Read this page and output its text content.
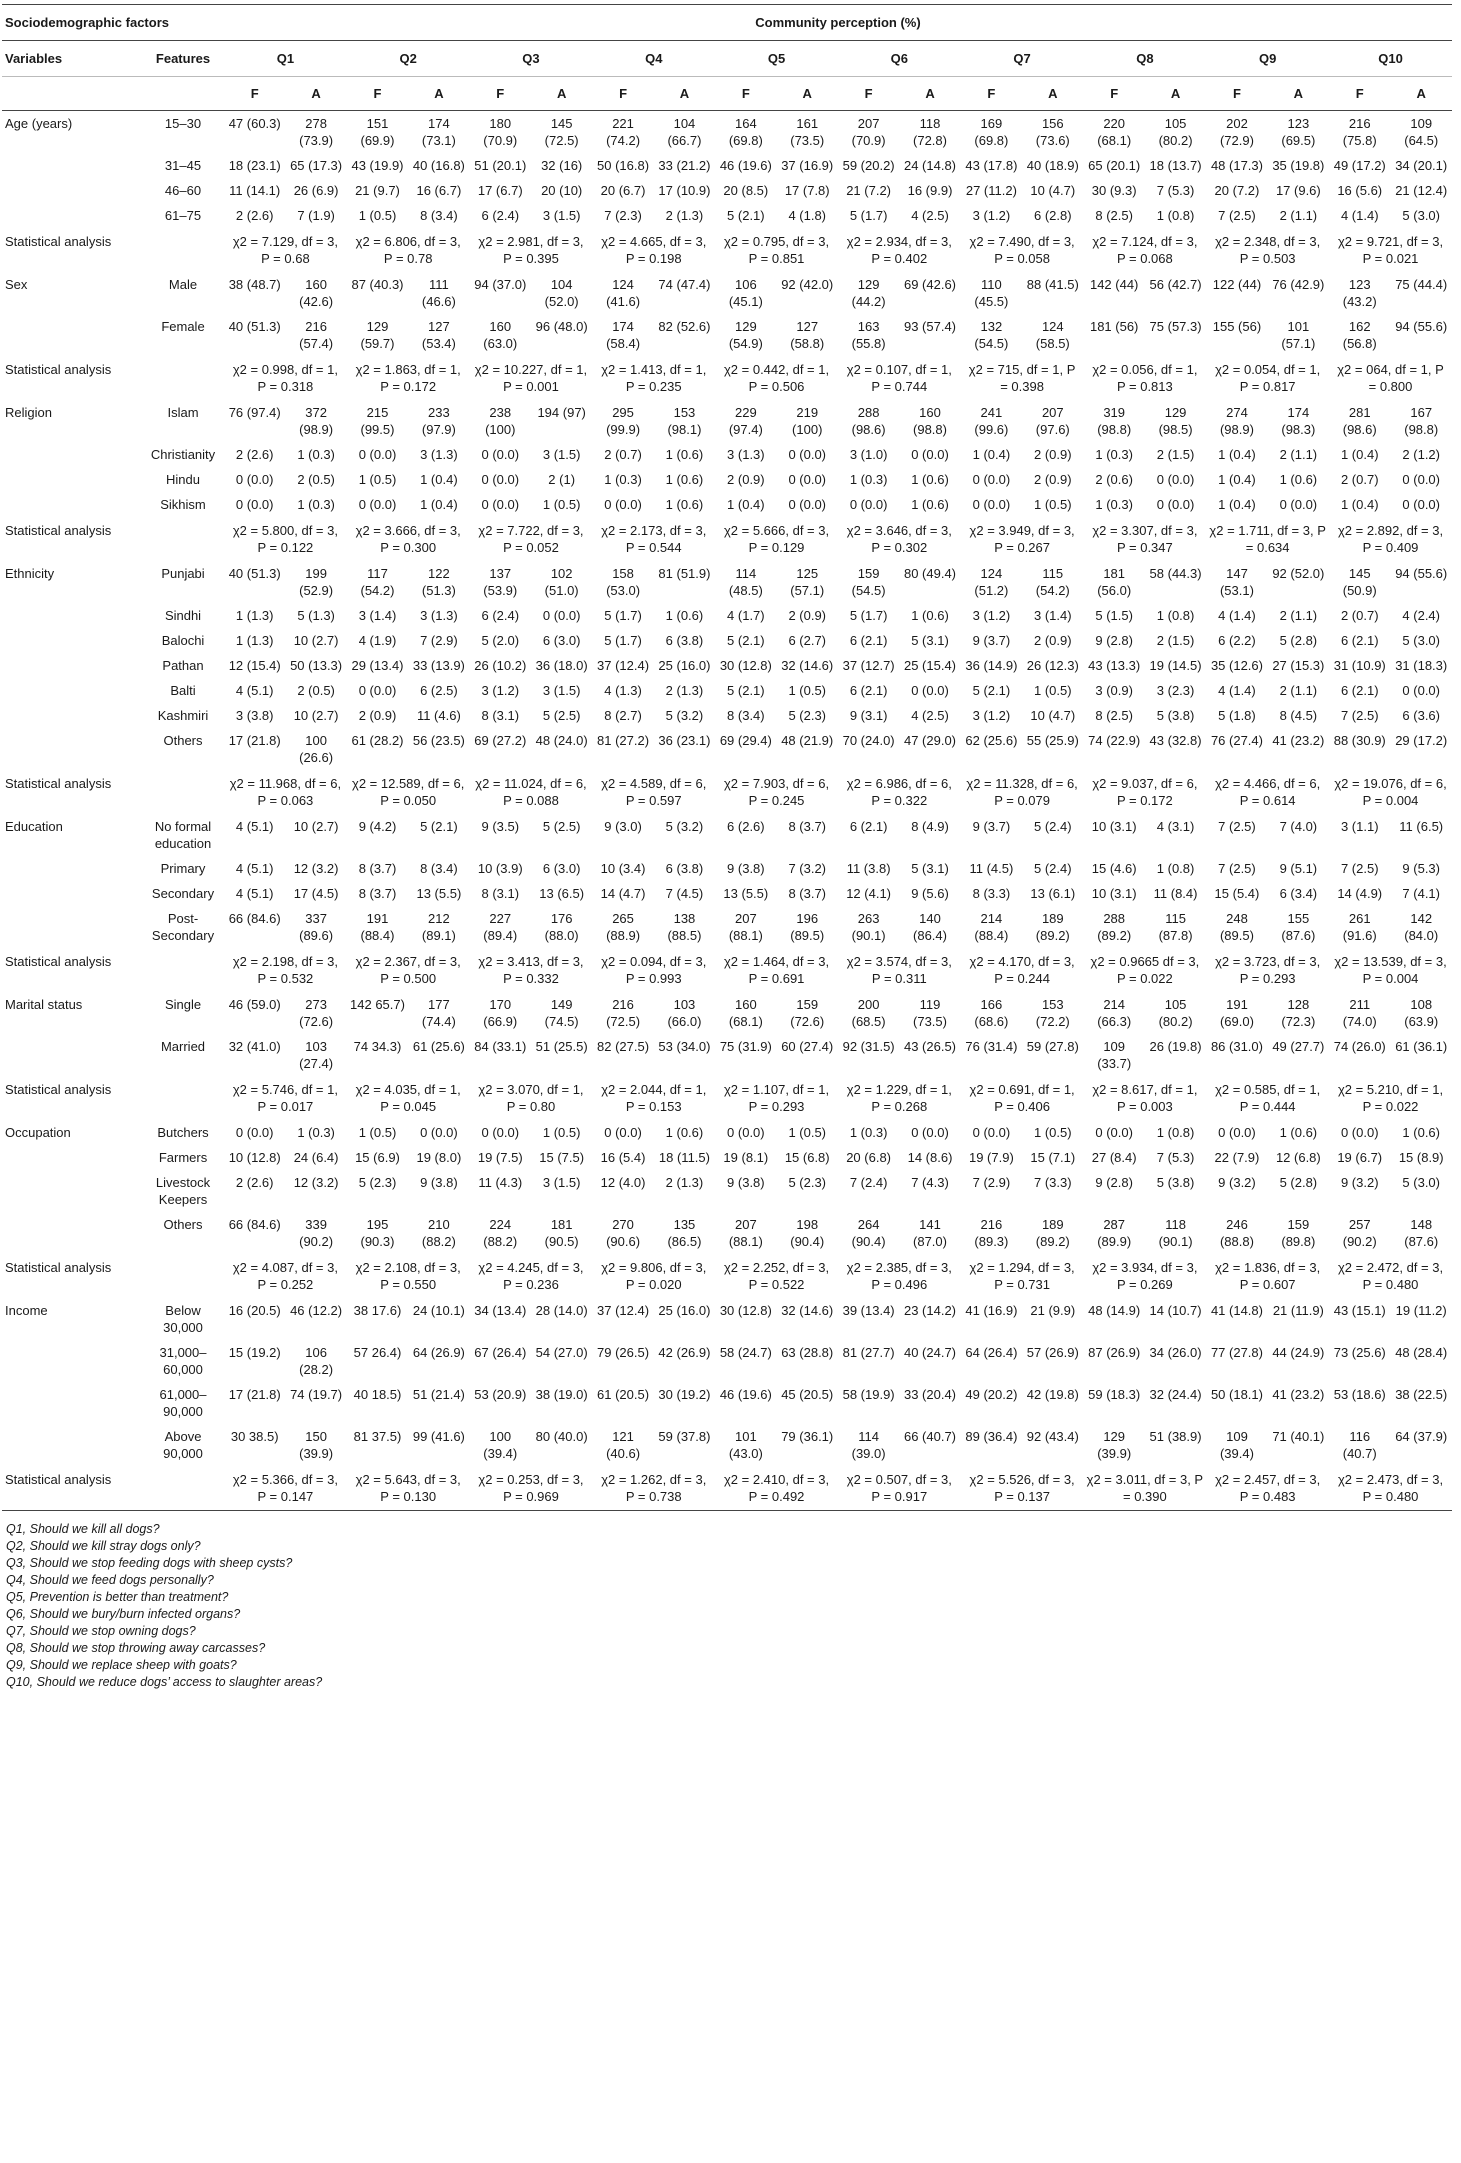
Sociodemographic factors		Community perception (%)																			
Variables	Features	Q1		Q2		Q3		Q4		Q5		Q6		Q7		Q8		Q9		Q10	
		F	A	F	A	F	A	F	A	F	A	F	A	F	A	F	A	F	A	F	A
Age (years)	15–30	47 (60.3)	278 (73.9)	151 (69.9)	174 (73.1)	180 (70.9)	145 (72.5)	221 (74.2)	104 (66.7)	164 (69.8)	161 (73.5)	207 (70.9)	118 (72.8)	169 (69.8)	156 (73.6)	220 (68.1)	105 (80.2)	202 (72.9)	123 (69.5)	216 (75.8)	109 (64.5)
	31–45	18 (23.1)	65 (17.3)	43 (19.9)	40 (16.8)	51 (20.1)	32 (16)	50 (16.8)	33 (21.2)	46 (19.6)	37 (16.9)	59 (20.2)	24 (14.8)	43 (17.8)	40 (18.9)	65 (20.1)	18 (13.7)	48 (17.3)	35 (19.8)	49 (17.2)	34 (20.1)
	46–60	11 (14.1)	26 (6.9)	21 (9.7)	16 (6.7)	17 (6.7)	20 (10)	20 (6.7)	17 (10.9)	20 (8.5)	17 (7.8)	21 (7.2)	16 (9.9)	27 (11.2)	10 (4.7)	30 (9.3)	7 (5.3)	20 (7.2)	17 (9.6)	16 (5.6)	21 (12.4)
	61–75	2 (2.6)	7 (1.9)	1 (0.5)	8 (3.4)	6 (2.4)	3 (1.5)	7 (2.3)	2 (1.3)	5 (2.1)	4 (1.8)	5 (1.7)	4 (2.5)	3 (1.2)	6 (2.8)	8 (2.5)	1 (0.8)	7 (2.5)	2 (1.1)	4 (1.4)	5 (3.0)
Statistical analysis		χ2 = 7.129, df = 3, P = 0.68		χ2 = 6.806, df = 3, P = 0.78		χ2 = 2.981, df = 3, P = 0.395		χ2 = 4.665, df = 3, P = 0.198		χ2 = 0.795, df = 3, P = 0.851		χ2 = 2.934, df = 3, P = 0.402		χ2 = 7.490, df = 3, P = 0.058		χ2 = 7.124, df = 3, P = 0.068		χ2 = 2.348, df = 3, P = 0.503		χ2 = 9.721, df = 3, P = 0.021	
Sex	Male	38 (48.7)	160 (42.6)	87 (40.3)	111 (46.6)	94 (37.0)	104 (52.0)	124 (41.6)	74 (47.4)	106 (45.1)	92 (42.0)	129 (44.2)	69 (42.6)	110 (45.5)	88 (41.5)	142 (44)	56 (42.7)	122 (44)	76 (42.9)	123 (43.2)	75 (44.4)
	Female	40 (51.3)	216 (57.4)	129 (59.7)	127 (53.4)	160 (63.0)	96 (48.0)	174 (58.4)	82 (52.6)	129 (54.9)	127 (58.8)	163 (55.8)	93 (57.4)	132 (54.5)	124 (58.5)	181 (56)	75 (57.3)	155 (56)	101 (57.1)	162 (56.8)	94 (55.6)
Statistical analysis		χ2 = 0.998, df = 1, P = 0.318		χ2 = 1.863, df = 1, P = 0.172		χ2 = 10.227, df = 1, P = 0.001		χ2 = 1.413, df = 1, P = 0.235		χ2 = 0.442, df = 1, P = 0.506		χ2 = 0.107, df = 1, P = 0.744		χ2 = 715, df = 1, P = 0.398		χ2 = 0.056, df = 1, P = 0.813		χ2 = 0.054, df = 1, P = 0.817		χ2 = 064, df = 1, P = 0.800	
Religion	Islam	76 (97.4)	372 (98.9)	215 (99.5)	233 (97.9)	238 (100)	194 (97)	295 (99.9)	153 (98.1)	229 (97.4)	219 (100)	288 (98.6)	160 (98.8)	241 (99.6)	207 (97.6)	319 (98.8)	129 (98.5)	274 (98.9)	174 (98.3)	281 (98.6)	167 (98.8)
	Christianity	2 (2.6)	1 (0.3)	0 (0.0)	3 (1.3)	0 (0.0)	3 (1.5)	2 (0.7)	1 (0.6)	3 (1.3)	0 (0.0)	3 (1.0)	0 (0.0)	1 (0.4)	2 (0.9)	1 (0.3)	2 (1.5)	1 (0.4)	2 (1.1)	1 (0.4)	2 (1.2)
	Hindu	0 (0.0)	2 (0.5)	1 (0.5)	1 (0.4)	0 (0.0)	2 (1)	1 (0.3)	1 (0.6)	2 (0.9)	0 (0.0)	1 (0.3)	1 (0.6)	0 (0.0)	2 (0.9)	2 (0.6)	0 (0.0)	1 (0.4)	1 (0.6)	2 (0.7)	0 (0.0)
	Sikhism	0 (0.0)	1 (0.3)	0 (0.0)	1 (0.4)	0 (0.0)	1 (0.5)	0 (0.0)	1 (0.6)	1 (0.4)	0 (0.0)	0 (0.0)	1 (0.6)	0 (0.0)	1 (0.5)	1 (0.3)	0 (0.0)	1 (0.4)	0 (0.0)	1 (0.4)	0 (0.0)
Statistical analysis		χ2 = 5.800, df = 3, P = 0.122		χ2 = 3.666, df = 3, P = 0.300		χ2 = 7.722, df = 3, P = 0.052		χ2 = 2.173, df = 3, P = 0.544		χ2 = 5.666, df = 3, P = 0.129		χ2 = 3.646, df = 3, P = 0.302		χ2 = 3.949, df = 3, P = 0.267		χ2 = 3.307, df = 3, P = 0.347		χ2 = 1.711, df = 3, P = 0.634		χ2 = 2.892, df = 3, P = 0.409	
Ethnicity	Punjabi	40 (51.3)	199 (52.9)	117 (54.2)	122 (51.3)	137 (53.9)	102 (51.0)	158 (53.0)	81 (51.9)	114 (48.5)	125 (57.1)	159 (54.5)	80 (49.4)	124 (51.2)	115 (54.2)	181 (56.0)	58 (44.3)	147 (53.1)	92 (52.0)	145 (50.9)	94 (55.6)
	Sindhi	1 (1.3)	5 (1.3)	3 (1.4)	3 (1.3)	6 (2.4)	0 (0.0)	5 (1.7)	1 (0.6)	4 (1.7)	2 (0.9)	5 (1.7)	1 (0.6)	3 (1.2)	3 (1.4)	5 (1.5)	1 (0.8)	4 (1.4)	2 (1.1)	2 (0.7)	4 (2.4)
	Balochi	1 (1.3)	10 (2.7)	4 (1.9)	7 (2.9)	5 (2.0)	6 (3.0)	5 (1.7)	6 (3.8)	5 (2.1)	6 (2.7)	6 (2.1)	5 (3.1)	9 (3.7)	2 (0.9)	9 (2.8)	2 (1.5)	6 (2.2)	5 (2.8)	6 (2.1)	5 (3.0)
	Pathan	12 (15.4)	50 (13.3)	29 (13.4)	33 (13.9)	26 (10.2)	36 (18.0)	37 (12.4)	25 (16.0)	30 (12.8)	32 (14.6)	37 (12.7)	25 (15.4)	36 (14.9)	26 (12.3)	43 (13.3)	19 (14.5)	35 (12.6)	27 (15.3)	31 (10.9)	31 (18.3)
	Balti	4 (5.1)	2 (0.5)	0 (0.0)	6 (2.5)	3 (1.2)	3 (1.5)	4 (1.3)	2 (1.3)	5 (2.1)	1 (0.5)	6 (2.1)	0 (0.0)	5 (2.1)	1 (0.5)	3 (0.9)	3 (2.3)	4 (1.4)	2 (1.1)	6 (2.1)	0 (0.0)
	Kashmiri	3 (3.8)	10 (2.7)	2 (0.9)	11 (4.6)	8 (3.1)	5 (2.5)	8 (2.7)	5 (3.2)	8 (3.4)	5 (2.3)	9 (3.1)	4 (2.5)	3 (1.2)	10 (4.7)	8 (2.5)	5 (3.8)	5 (1.8)	8 (4.5)	7 (2.5)	6 (3.6)
	Others	17 (21.8)	100 (26.6)	61 (28.2)	56 (23.5)	69 (27.2)	48 (24.0)	81 (27.2)	36 (23.1)	69 (29.4)	48 (21.9)	70 (24.0)	47 (29.0)	62 (25.6)	55 (25.9)	74 (22.9)	43 (32.8)	76 (27.4)	41 (23.2)	88 (30.9)	29 (17.2)
Statistical analysis		χ2 = 11.968, df = 6, P = 0.063		χ2 = 12.589, df = 6, P = 0.050		χ2 = 11.024, df = 6, P = 0.088		χ2 = 4.589, df = 6, P = 0.597		χ2 = 7.903, df = 6, P = 0.245		χ2 = 6.986, df = 6, P = 0.322		χ2 = 11.328, df = 6, P = 0.079		χ2 = 9.037, df = 6, P = 0.172		χ2 = 4.466, df = 6, P = 0.614		χ2 = 19.076, df = 6, P = 0.004	
Education	No formal education	4 (5.1)	10 (2.7)	9 (4.2)	5 (2.1)	9 (3.5)	5 (2.5)	9 (3.0)	5 (3.2)	6 (2.6)	8 (3.7)	6 (2.1)	8 (4.9)	9 (3.7)	5 (2.4)	10 (3.1)	4 (3.1)	7 (2.5)	7 (4.0)	3 (1.1)	11 (6.5)
	Primary	4 (5.1)	12 (3.2)	8 (3.7)	8 (3.4)	10 (3.9)	6 (3.0)	10 (3.4)	6 (3.8)	9 (3.8)	7 (3.2)	11 (3.8)	5 (3.1)	11 (4.5)	5 (2.4)	15 (4.6)	1 (0.8)	7 (2.5)	9 (5.1)	7 (2.5)	9 (5.3)
	Secondary	4 (5.1)	17 (4.5)	8 (3.7)	13 (5.5)	8 (3.1)	13 (6.5)	14 (4.7)	7 (4.5)	13 (5.5)	8 (3.7)	12 (4.1)	9 (5.6)	8 (3.3)	13 (6.1)	10 (3.1)	11 (8.4)	15 (5.4)	6 (3.4)	14 (4.9)	7 (4.1)
	Post-Secondary	66 (84.6)	337 (89.6)	191 (88.4)	212 (89.1)	227 (89.4)	176 (88.0)	265 (88.9)	138 (88.5)	207 (88.1)	196 (89.5)	263 (90.1)	140 (86.4)	214 (88.4)	189 (89.2)	288 (89.2)	115 (87.8)	248 (89.5)	155 (87.6)	261 (91.6)	142 (84.0)
Statistical analysis		χ2 = 2.198, df = 3, P = 0.532		χ2 = 2.367, df = 3, P = 0.500		χ2 = 3.413, df = 3, P = 0.332		χ2 = 0.094, df = 3, P = 0.993		χ2 = 1.464, df = 3, P = 0.691		χ2 = 3.574, df = 3, P = 0.311		χ2 = 4.170, df = 3, P = 0.244		χ2 = 0.9665 df = 3, P = 0.022		χ2 = 3.723, df = 3, P = 0.293		χ2 = 13.539, df = 3, P = 0.004	
Marital status	Single	46 (59.0)	273 (72.6)	142 65.7)	177 (74.4)	170 (66.9)	149 (74.5)	216 (72.5)	103 (66.0)	160 (68.1)	159 (72.6)	200 (68.5)	119 (73.5)	166 (68.6)	153 (72.2)	214 (66.3)	105 (80.2)	191 (69.0)	128 (72.3)	211 (74.0)	108 (63.9)
	Married	32 (41.0)	103 (27.4)	74 34.3)	61 (25.6)	84 (33.1)	51 (25.5)	82 (27.5)	53 (34.0)	75 (31.9)	60 (27.4)	92 (31.5)	43 (26.5)	76 (31.4)	59 (27.8)	109 (33.7)	26 (19.8)	86 (31.0)	49 (27.7)	74 (26.0)	61 (36.1)
Statistical analysis		χ2 = 5.746, df = 1, P = 0.017		χ2 = 4.035, df = 1, P = 0.045		χ2 = 3.070, df = 1, P = 0.80		χ2 = 2.044, df = 1, P = 0.153		χ2 = 1.107, df = 1, P = 0.293		χ2 = 1.229, df = 1, P = 0.268		χ2 = 0.691, df = 1, P = 0.406		χ2 = 8.617, df = 1, P = 0.003		χ2 = 0.585, df = 1, P = 0.444		χ2 = 5.210, df = 1, P = 0.022	
Occupation	Butchers	0 (0.0)	1 (0.3)	1 (0.5)	0 (0.0)	0 (0.0)	1 (0.5)	0 (0.0)	1 (0.6)	0 (0.0)	1 (0.5)	1 (0.3)	0 (0.0)	0 (0.0)	1 (0.5)	0 (0.0)	1 (0.8)	0 (0.0)	1 (0.6)	0 (0.0)	1 (0.6)
	Farmers	10 (12.8)	24 (6.4)	15 (6.9)	19 (8.0)	19 (7.5)	15 (7.5)	16 (5.4)	18 (11.5)	19 (8.1)	15 (6.8)	20 (6.8)	14 (8.6)	19 (7.9)	15 (7.1)	27 (8.4)	7 (5.3)	22 (7.9)	12 (6.8)	19 (6.7)	15 (8.9)
	Livestock Keepers	2 (2.6)	12 (3.2)	5 (2.3)	9 (3.8)	11 (4.3)	3 (1.5)	12 (4.0)	2 (1.3)	9 (3.8)	5 (2.3)	7 (2.4)	7 (4.3)	7 (2.9)	7 (3.3)	9 (2.8)	5 (3.8)	9 (3.2)	5 (2.8)	9 (3.2)	5 (3.0)
	Others	66 (84.6)	339 (90.2)	195 (90.3)	210 (88.2)	224 (88.2)	181 (90.5)	270 (90.6)	135 (86.5)	207 (88.1)	198 (90.4)	264 (90.4)	141 (87.0)	216 (89.3)	189 (89.2)	287 (89.9)	118 (90.1)	246 (88.8)	159 (89.8)	257 (90.2)	148 (87.6)
Statistical analysis		χ2 = 4.087, df = 3, P = 0.252		χ2 = 2.108, df = 3, P = 0.550		χ2 = 4.245, df = 3, P = 0.236		χ2 = 9.806, df = 3, P = 0.020		χ2 = 2.252, df = 3, P = 0.522		χ2 = 2.385, df = 3, P = 0.496		χ2 = 1.294, df = 3, P = 0.731		χ2 = 3.934, df = 3, P = 0.269		χ2 = 1.836, df = 3, P = 0.607		χ2 = 2.472, df = 3, P = 0.480	
Income	Below 30,000	16 (20.5)	46 (12.2)	38 17.6)	24 (10.1)	34 (13.4)	28 (14.0)	37 (12.4)	25 (16.0)	30 (12.8)	32 (14.6)	39 (13.4)	23 (14.2)	41 (16.9)	21 (9.9)	48 (14.9)	14 (10.7)	41 (14.8)	21 (11.9)	43 (15.1)	19 (11.2)
	31,000–60,000	15 (19.2)	106 (28.2)	57 26.4)	64 (26.9)	67 (26.4)	54 (27.0)	79 (26.5)	42 (26.9)	58 (24.7)	63 (28.8)	81 (27.7)	40 (24.7)	64 (26.4)	57 (26.9)	87 (26.9)	34 (26.0)	77 (27.8)	44 (24.9)	73 (25.6)	48 (28.4)
	61,000–90,000	17 (21.8)	74 (19.7)	40 18.5)	51 (21.4)	53 (20.9)	38 (19.0)	61 (20.5)	30 (19.2)	46 (19.6)	45 (20.5)	58 (19.9)	33 (20.4)	49 (20.2)	42 (19.8)	59 (18.3)	32 (24.4)	50 (18.1)	41 (23.2)	53 (18.6)	38 (22.5)
	Above 90,000	30 38.5)	150 (39.9)	81 37.5)	99 (41.6)	100 (39.4)	80 (40.0)	121 (40.6)	59 (37.8)	101 (43.0)	79 (36.1)	114 (39.0)	66 (40.7)	89 (36.4)	92 (43.4)	129 (39.9)	51 (38.9)	109 (39.4)	71 (40.1)	116 (40.7)	64 (37.9)
Statistical analysis		χ2 = 5.366, df = 3, P = 0.147		χ2 = 5.643, df = 3, P = 0.130		χ2 = 0.253, df = 3, P = 0.969		χ2 = 1.262, df = 3, P = 0.738		χ2 = 2.410, df = 3, P = 0.492		χ2 = 0.507, df = 3, P = 0.917		χ2 = 5.526, df = 3, P = 0.137		χ2 = 3.011, df = 3, P = 0.390		χ2 = 2.457, df = 3, P = 0.483		χ2 = 2.473, df = 3, P = 0.480	
Q1, Should we kill all dogs?
Q2, Should we kill stray dogs only?
Q3, Should we stop feeding dogs with sheep cysts?
Q4, Should we feed dogs personally?
Q5, Prevention is better than treatment?
Q6, Should we bury/burn infected organs?
Q7, Should we stop owning dogs?
Q8, Should we stop throwing away carcasses?
Q9, Should we replace sheep with goats?
Q10, Should we reduce dogs’ access to slaughter areas?
